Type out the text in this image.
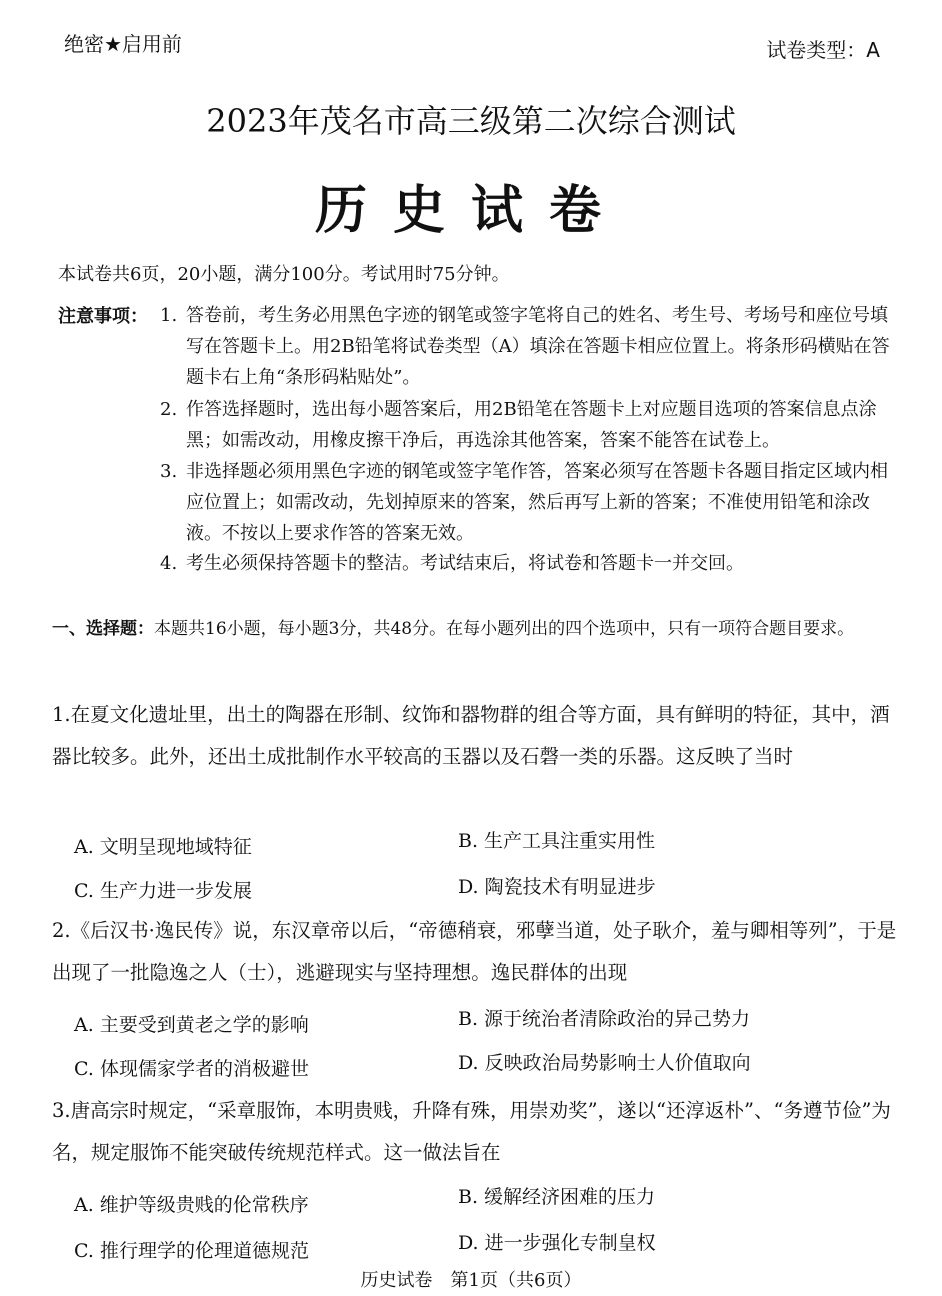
绝密★启用前	试卷类型：A
2023年茂名市高三级第二次综合测试
历史试卷
本试卷共6页，20小题，满分100分。考试用时75分钟。
注意事项： 1. 答卷前，考生务必用黑色字迹的钢笔或签字笔将自己的姓名、考生号、考场号和座位号填写在答题卡上。用2B铅笔将试卷类型（A）填涂在答题卡相应位置上。将条形码横贴在答题卡右上角“条形码粘贴处”。
2. 作答选择题时，选出每小题答案后，用2B铅笔在答题卡上对应题目选项的答案信息点涂黑；如需改动，用橡皮擦干净后，再选涂其他答案，答案不能答在试卷上。
3. 非选择题必须用黑色字迹的钢笔或签字笔作答，答案必须写在答题卡各题目指定区域内相应位置上；如需改动，先划掉原来的答案，然后再写上新的答案；不准使用铅笔和涂改液。不按以上要求作答的答案无效。
4. 考生必须保持答题卡的整洁。考试结束后，将试卷和答题卡一并交回。
一、选择题：本题共16小题，每小题3分，共48分。在每小题列出的四个选项中，只有一项符合题目要求。
1.在夏文化遗址里，出土的陶器在形制、纹饰和器物群的组合等方面，具有鲜明的特征，其中，酒器比较多。此外，还出土成批制作水平较高的玉器以及石磬一类的乐器。这反映了当时
A. 文明呈现地域特征	B. 生产工具注重实用性
C. 生产力进一步发展	D. 陶瓷技术有明显进步
2.《后汉书·逸民传》说，东汉章帝以后，“帝德稍衰，邪孽当道，处子耿介，羞与卿相等列”，于是出现了一批隐逸之人（士），逃避现实与坚持理想。逸民群体的出现
A. 主要受到黄老之学的影响	B. 源于统治者清除政治的异己势力
C. 体现儒家学者的消极避世	D. 反映政治局势影响士人价值取向
3.唐高宗时规定，“采章服饰，本明贵贱，升降有殊，用崇劝奖”，遂以“还淳返朴”、“务遵节俭”为名，规定服饰不能突破传统规范样式。这一做法旨在
A. 维护等级贵贱的伦常秩序	B. 缓解经济困难的压力
C. 推行理学的伦理道德规范	D. 进一步强化专制皇权
历史试卷　第1页（共6页）
